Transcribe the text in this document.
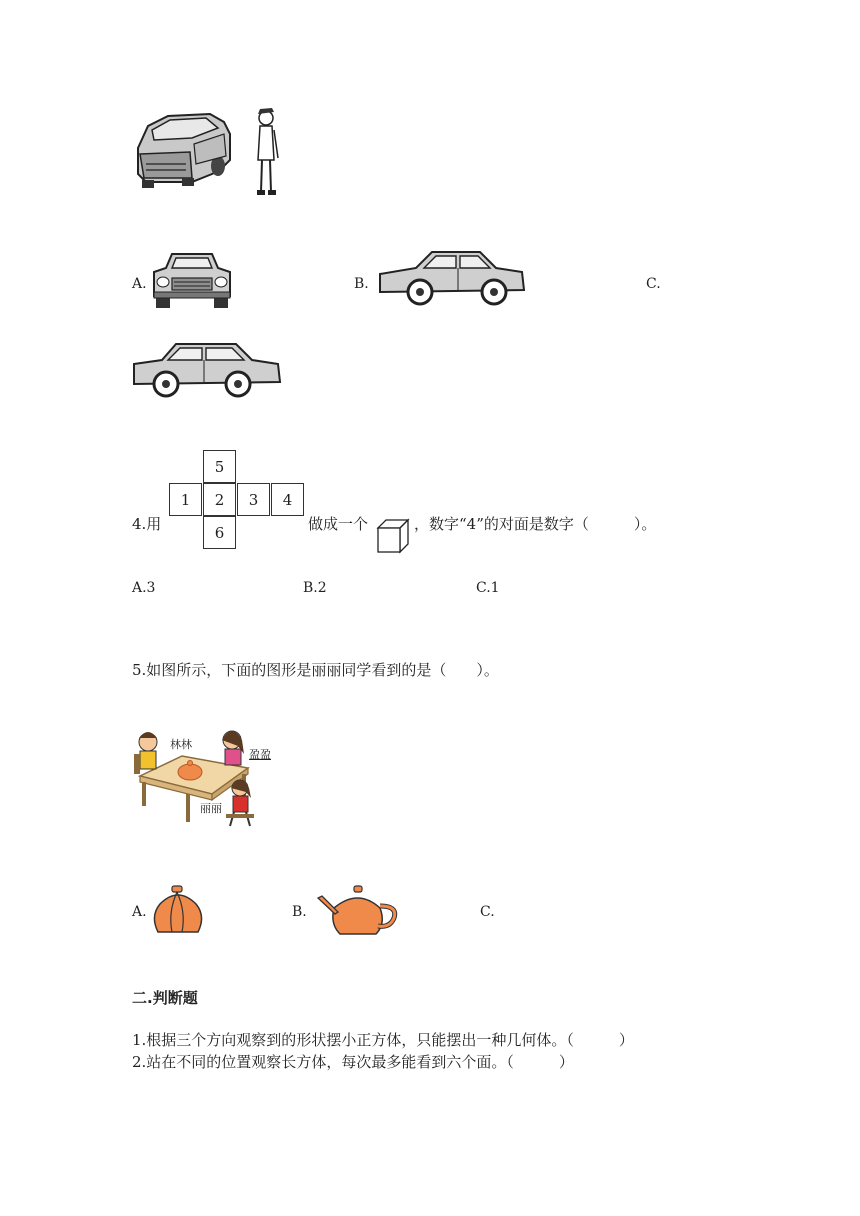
A.	B.	C.
4.用
5
1	2	3	4
6	做成一个	，数字“4”的对面是数字（　　　）。
A.3	B.2	C.1
5.如图所示，下面的图形是丽丽同学看到的是（　　）。
林林
盈盈
丽丽
A.	B.	C.
二.判断题
1.根据三个方向观察到的形状摆小正方体，只能摆出一种几何体。（　　　）
2.站在不同的位置观察长方体，每次最多能看到六个面。（　　　）
